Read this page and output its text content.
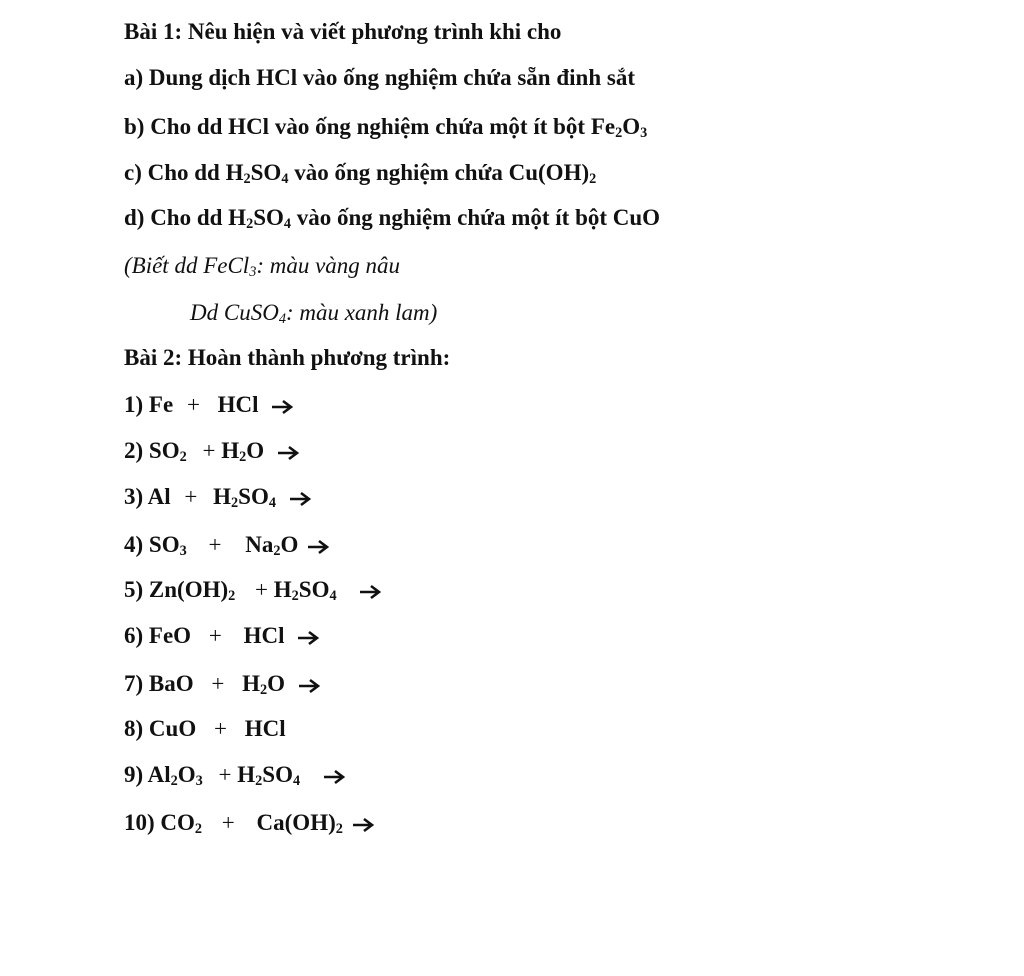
Bài 1: Nêu hiện và viết phương trình khi cho
a) Dung dịch HCl vào ống nghiệm chứa sẵn đinh sắt
b) Cho dd HCl vào ống nghiệm chứa một ít bột $Fe_2O_3$
c) Cho dd $H_2SO_4$ vào ống nghiệm chứa $Cu(OH)_2$
d) Cho dd $H_2SO_4$ vào ống nghiệm chứa một ít bột CuO
(Biết dd FeCl$_3$: màu vàng nâu
Dd CuSO$_4$: màu xanh lam)
Bài 2: Hoàn thành phương trình:
1) Fe + HCl
2) $SO_2 + H_2O$
3) $Al + H_2SO_4$
4) $SO_3 + Na_2O$
5) $Zn(OH)_2 + H_2SO_4$
6) FeO + HCl
7) BaO + $H_2O$
8) CuO + HCl
9) $Al_2O_3 + H_2SO_4$
10) $CO_2 + Ca(OH)_2$
